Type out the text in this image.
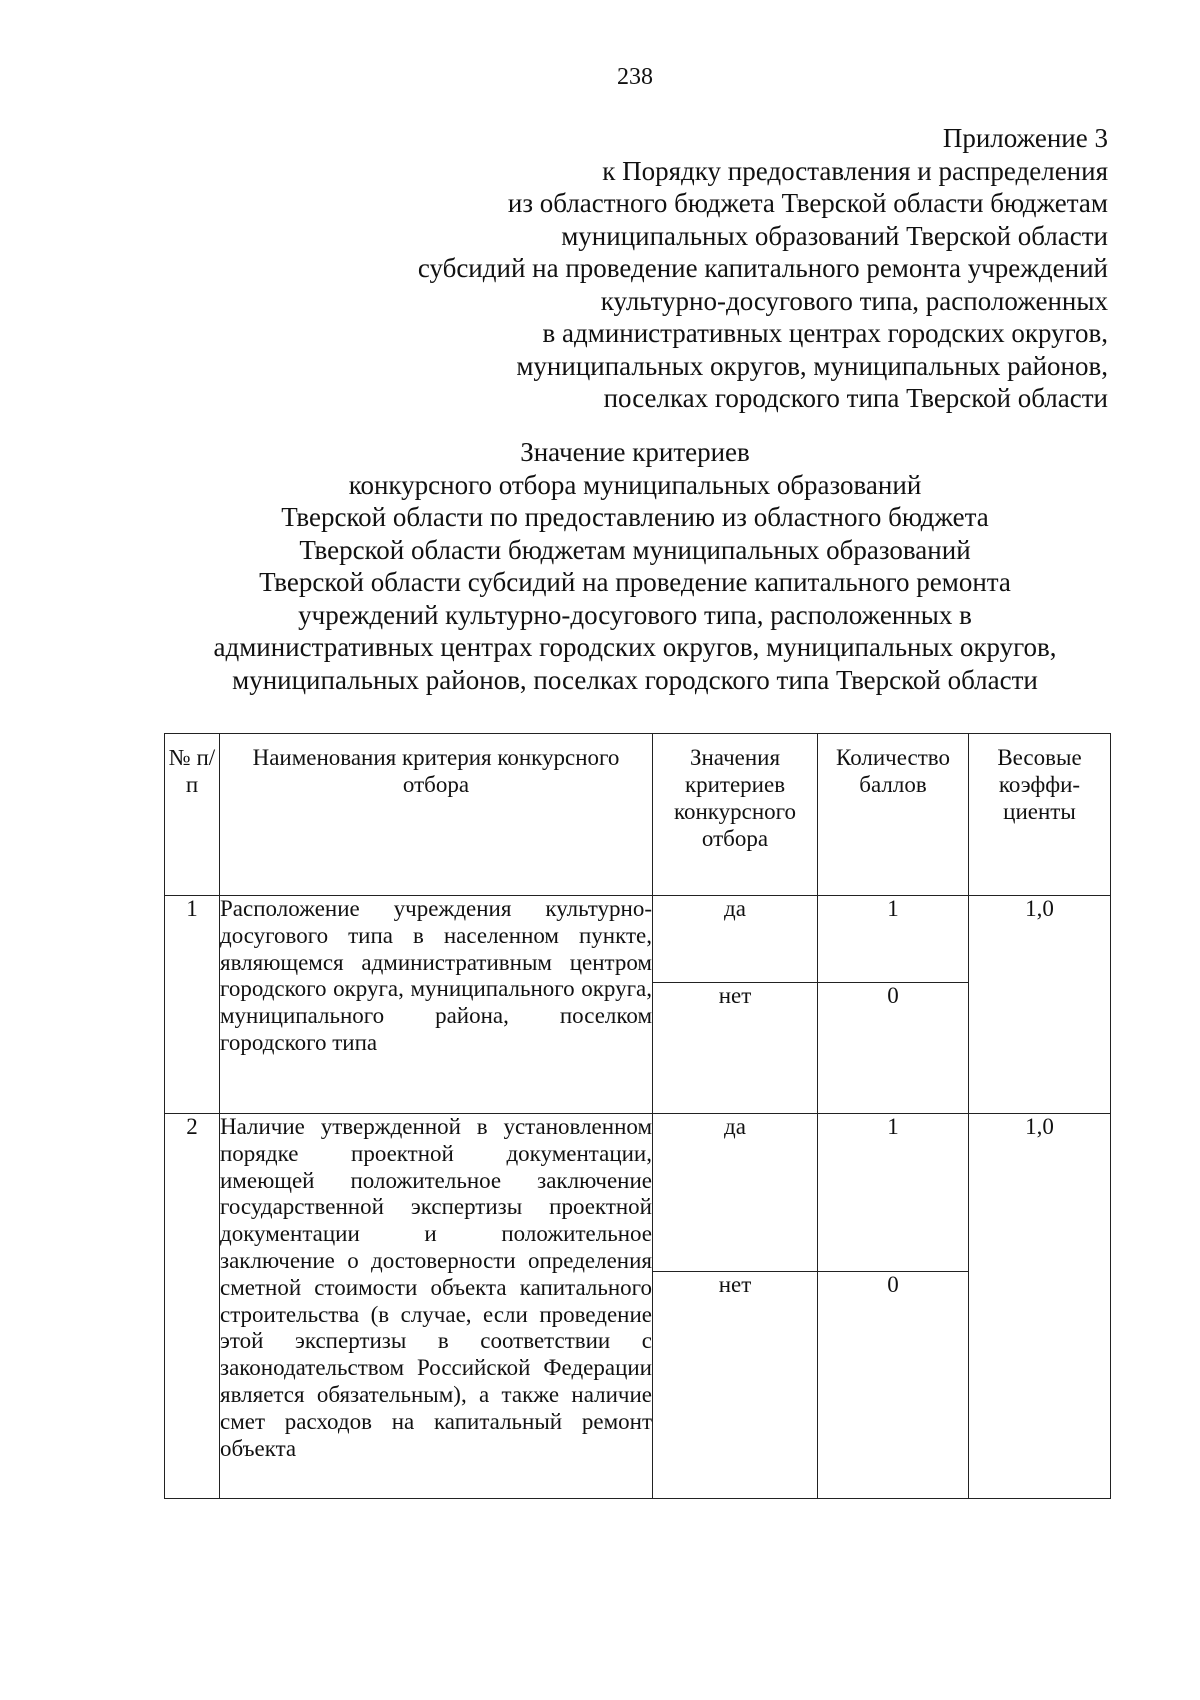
238
Приложение 3
к Порядку предоставления и распределения
из областного бюджета Тверской области бюджетам
муниципальных образований Тверской области
субсидий на проведение капитального ремонта учреждений
культурно-досугового типа, расположенных
в административных центрах городских округов,
муниципальных округов, муниципальных районов,
поселках городского типа Тверской области
Значение критериев
конкурсного отбора муниципальных образований
Тверской области по предоставлению из областного бюджета
Тверской области бюджетам муниципальных образований
Тверской области субсидий на проведение капитального ремонта
учреждений культурно-досугового типа, расположенных в
административных центрах городских округов, муниципальных округов,
муниципальных районов, поселках городского типа Тверской области
№ п/п	Наименования критерия конкурсного отбора	Значения критериев конкурсного отбора	Количество баллов	Весовые коэффи- циенты
1	Расположение учреждения культурно-досугового типа в населенном пункте, являющемся административным центром городского округа, муниципального округа, муниципального района, поселком городского типа	да	1	1,0
		нет	0	
2	Наличие утвержденной в установленном порядке проектной документации, имеющей положительное заключение государственной экспертизы проектной документации и положительное заключение о достоверности определения сметной стоимости объекта капитального строительства (в случае, если проведение этой экспертизы в соответствии с законодательством Российской Федерации является обязательным), а также наличие смет расходов на капитальный ремонт объекта	да	1	1,0
		нет	0	
